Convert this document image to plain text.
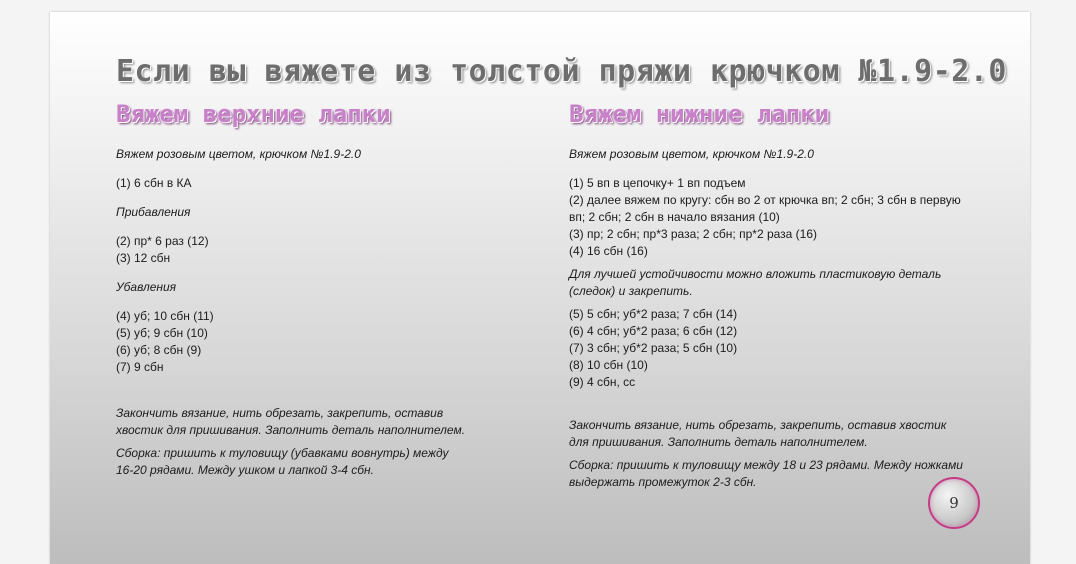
Если вы вяжете из толстой пряжи крючком №1.9-2.0
Вяжем верхние лапки
Вяжем розовым цветом, крючком №1.9-2.0
(1) 6 сбн в КА
Прибавления
(2) пр* 6 раз (12)
(3) 12 сбн
Убавления
(4) уб; 10 сбн (11)
(5) уб; 9 сбн (10)
(6) уб; 8 сбн (9)
(7) 9 сбн
Закончить вязание, нить обрезать, закрепить, оставив хвостик для пришивания. Заполнить деталь наполнителем.
Сборка: пришить к туловищу (убавками вовнутрь) между 16-20 рядами. Между ушком и лапкой 3-4 сбн.
Вяжем нижние лапки
Вяжем розовым цветом, крючком №1.9-2.0
(1) 5 вп в цепочку+ 1 вп подъем
(2) далее вяжем по кругу: сбн во 2 от крючка вп; 2 сбн; 3 сбн в первую вп; 2 сбн; 2 сбн в начало вязания (10)
(3) пр; 2 сбн; пр*3 раза; 2 сбн; пр*2 раза (16)
(4) 16 сбн (16)
Для лучшей устойчивости можно вложить пластиковую деталь (следок) и закрепить.
(5) 5 сбн; уб*2 раза; 7 сбн (14)
(6) 4 сбн; уб*2 раза; 6 сбн (12)
(7) 3 сбн; уб*2 раза; 5 сбн (10)
(8) 10 сбн (10)
(9) 4 сбн, сс
Закончить вязание, нить обрезать, закрепить, оставив хвостик для пришивания. Заполнить деталь наполнителем.
Сборка: пришить к туловищу между 18 и 23 рядами. Между ножками выдержать промежуток 2-3 сбн.
9
